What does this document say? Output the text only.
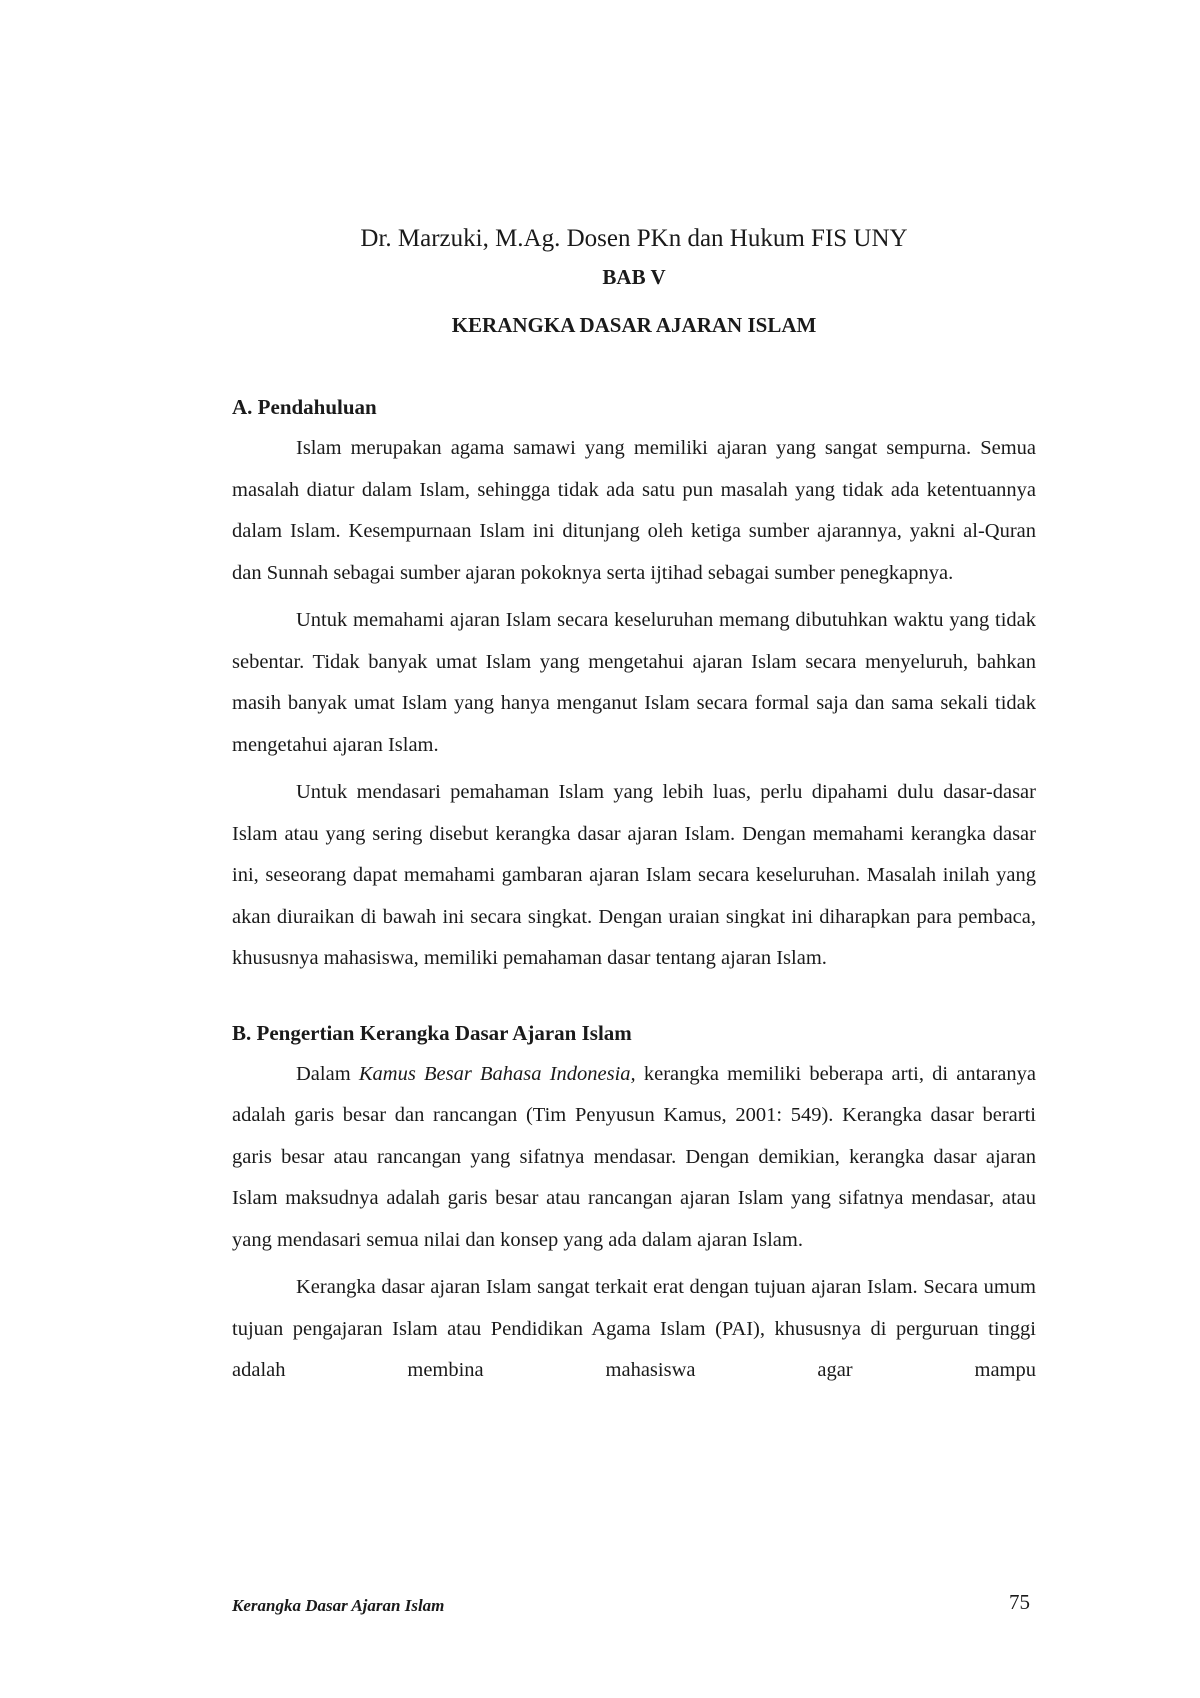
Dr. Marzuki, M.Ag. Dosen PKn dan Hukum FIS UNY

BAB V

KERANGKA DASAR AJARAN ISLAM

A. Pendahuluan

Islam merupakan agama samawi yang memiliki ajaran yang sangat sempurna. Semua masalah diatur dalam Islam, sehingga tidak ada satu pun masalah yang tidak ada ketentuannya dalam Islam. Kesempurnaan Islam ini ditunjang oleh ketiga sumber ajarannya, yakni al-Quran dan Sunnah sebagai sumber ajaran pokoknya serta ijtihad sebagai sumber penegkapnya.

Untuk memahami ajaran Islam secara keseluruhan memang dibutuhkan waktu yang tidak sebentar. Tidak banyak umat Islam yang mengetahui ajaran Islam secara menyeluruh, bahkan masih banyak umat Islam yang hanya menganut Islam secara formal saja dan sama sekali tidak mengetahui ajaran Islam.

Untuk mendasari pemahaman Islam yang lebih luas, perlu dipahami dulu dasar-dasar Islam atau yang sering disebut kerangka dasar ajaran Islam. Dengan memahami kerangka dasar ini, seseorang dapat memahami gambaran ajaran Islam secara keseluruhan. Masalah inilah yang akan diuraikan di bawah ini secara singkat. Dengan uraian singkat ini diharapkan para pembaca, khususnya mahasiswa, memiliki pemahaman dasar tentang ajaran Islam.

B. Pengertian Kerangka Dasar Ajaran Islam

Dalam Kamus Besar Bahasa Indonesia, kerangka memiliki beberapa arti, di antaranya adalah garis besar dan rancangan (Tim Penyusun Kamus, 2001: 549). Kerangka dasar berarti garis besar atau rancangan yang sifatnya mendasar. Dengan demikian, kerangka dasar ajaran Islam maksudnya adalah garis besar atau rancangan ajaran Islam yang sifatnya mendasar, atau yang mendasari semua nilai dan konsep yang ada dalam ajaran Islam.

Kerangka dasar ajaran Islam sangat terkait erat dengan tujuan ajaran Islam. Secara umum tujuan pengajaran Islam atau Pendidikan Agama Islam (PAI), khususnya di perguruan tinggi adalah membina mahasiswa agar mampu

Kerangka Dasar Ajaran Islam	75
